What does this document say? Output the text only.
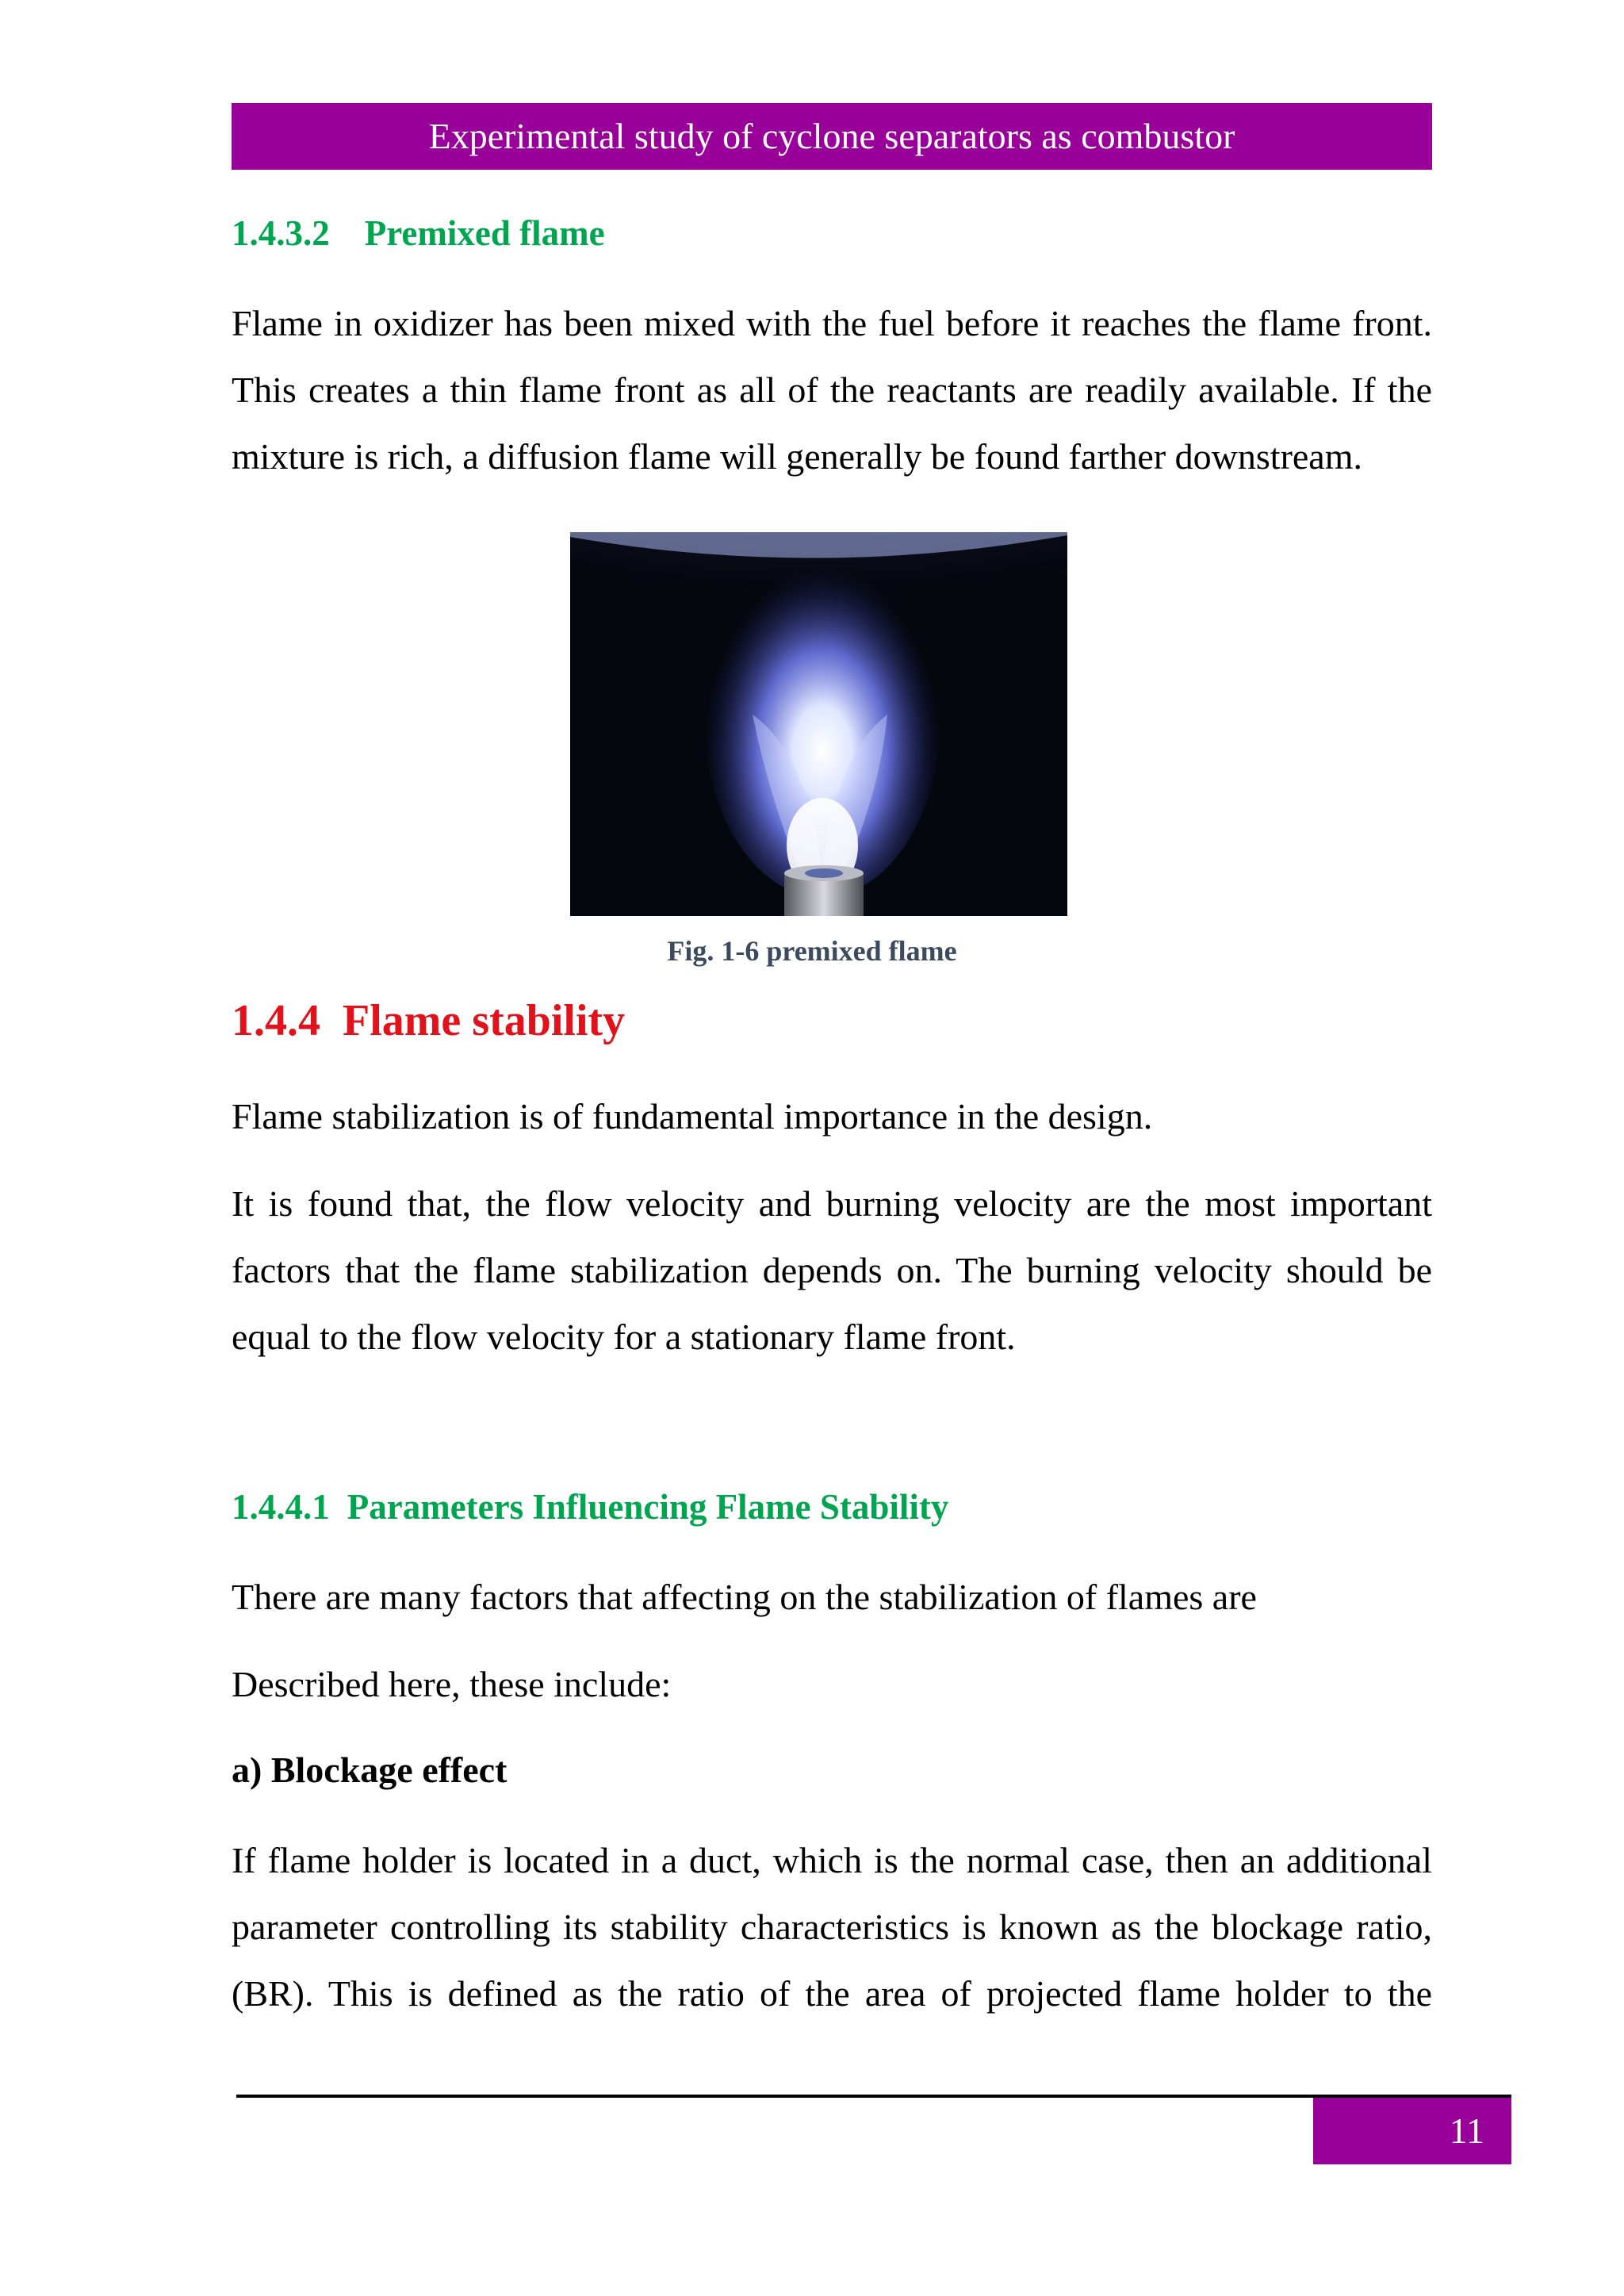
Experimental study of cyclone separators as combustor
1.4.3.2 Premixed flame

Flame in oxidizer has been mixed with the fuel before it reaches the flame front.
This creates a thin flame front as all of the reactants are readily available. If the
mixture is rich, a diffusion flame will generally be found farther downstream.

Fig. 1-6 premixed flame
1.4.4 Flame stability

Flame stabilization is of fundamental importance in the design.

It is found that, the flow velocity and burning velocity are the most important
factors that the flame stabilization depends on. The burning velocity should be
equal to the flow velocity for a stationary flame front.

1.4.4.1 Parameters Influencing Flame Stability

There are many factors that affecting on the stabilization of flames are

Described here, these include:

a) Blockage effect

If flame holder is located in a duct, which is the normal case, then an additional
parameter controlling its stability characteristics is known as the blockage ratio,
(BR). This is defined as the ratio of the area of projected flame holder to the

11
